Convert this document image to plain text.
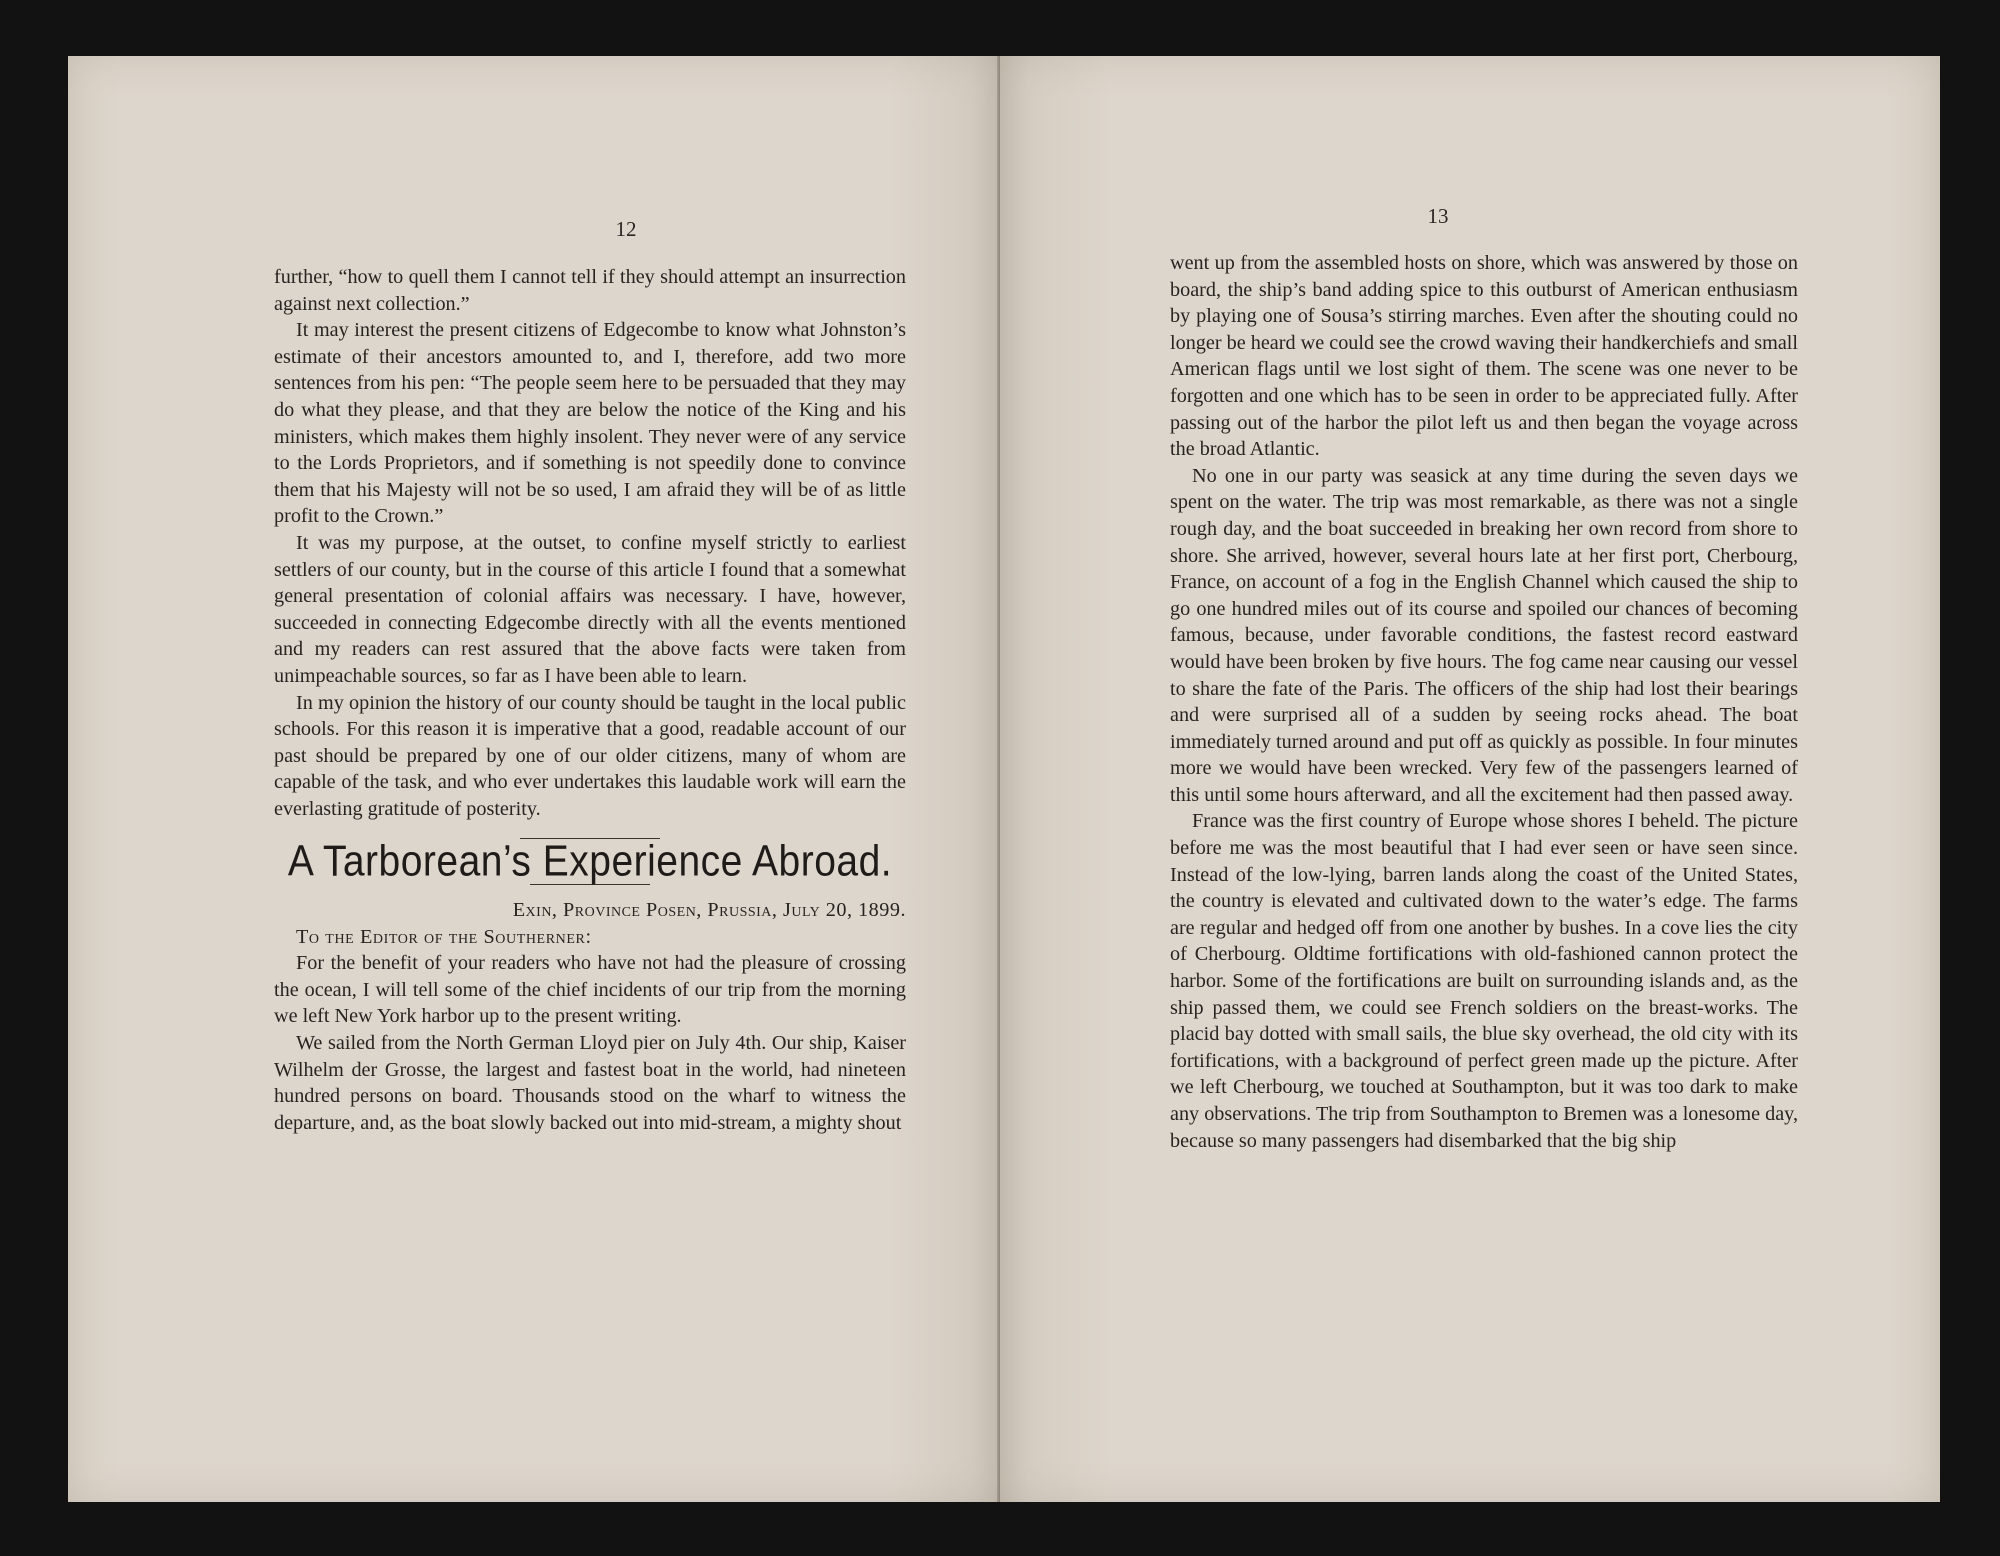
12

further, “how to quell them I cannot tell if they should attempt an insurrection against next collection.”

It may interest the present citizens of Edgecombe to know what Johnston’s estimate of their ancestors amounted to, and I, therefore, add two more sentences from his pen: “The people seem here to be persuaded that they may do what they please, and that they are below the notice of the King and his ministers, which makes them highly insolent. They never were of any service to the Lords Proprietors, and if something is not speedily done to convince them that his Majesty will not be so used, I am afraid they will be of as little profit to the Crown.”

It was my purpose, at the outset, to confine myself strictly to earliest settlers of our county, but in the course of this article I found that a somewhat general presentation of colonial affairs was necessary. I have, however, succeeded in connecting Edgecombe directly with all the events mentioned and my readers can rest assured that the above facts were taken from unimpeachable sources, so far as I have been able to learn.

In my opinion the history of our county should be taught in the local public schools. For this reason it is imperative that a good, readable account of our past should be prepared by one of our older citizens, many of whom are capable of the task, and who ever undertakes this laudable work will earn the everlasting gratitude of posterity.

A Tarborean’s Experience Abroad.

Exin, Province Posen, Prussia, July 20, 1899.

To the Editor of the Southerner:

For the benefit of your readers who have not had the pleasure of crossing the ocean, I will tell some of the chief incidents of our trip from the morning we left New York harbor up to the present writing.

We sailed from the North German Lloyd pier on July 4th. Our ship, Kaiser Wilhelm der Grosse, the largest and fastest boat in the world, had nineteen hundred persons on board. Thousands stood on the wharf to witness the departure, and, as the boat slowly backed out into mid-stream, a mighty shout

13

went up from the assembled hosts on shore, which was answered by those on board, the ship’s band adding spice to this outburst of American enthusiasm by playing one of Sousa’s stirring marches. Even after the shouting could no longer be heard we could see the crowd waving their handkerchiefs and small American flags until we lost sight of them. The scene was one never to be forgotten and one which has to be seen in order to be appreciated fully. After passing out of the harbor the pilot left us and then began the voyage across the broad Atlantic.

No one in our party was seasick at any time during the seven days we spent on the water. The trip was most remarkable, as there was not a single rough day, and the boat succeeded in breaking her own record from shore to shore. She arrived, however, several hours late at her first port, Cherbourg, France, on account of a fog in the English Channel which caused the ship to go one hundred miles out of its course and spoiled our chances of becoming famous, because, under favorable conditions, the fastest record eastward would have been broken by five hours. The fog came near causing our vessel to share the fate of the Paris. The officers of the ship had lost their bearings and were surprised all of a sudden by seeing rocks ahead. The boat immediately turned around and put off as quickly as possible. In four minutes more we would have been wrecked. Very few of the passengers learned of this until some hours afterward, and all the excitement had then passed away.

France was the first country of Europe whose shores I beheld. The picture before me was the most beautiful that I had ever seen or have seen since. Instead of the low-lying, barren lands along the coast of the United States, the country is elevated and cultivated down to the water’s edge. The farms are regular and hedged off from one another by bushes. In a cove lies the city of Cherbourg. Oldtime fortifications with old-fashioned cannon protect the harbor. Some of the fortifications are built on surrounding islands and, as the ship passed them, we could see French soldiers on the breast-works. The placid bay dotted with small sails, the blue sky overhead, the old city with its fortifications, with a background of perfect green made up the picture. After we left Cherbourg, we touched at Southampton, but it was too dark to make any observations. The trip from Southampton to Bremen was a lonesome day, because so many passengers had disembarked that the big ship
